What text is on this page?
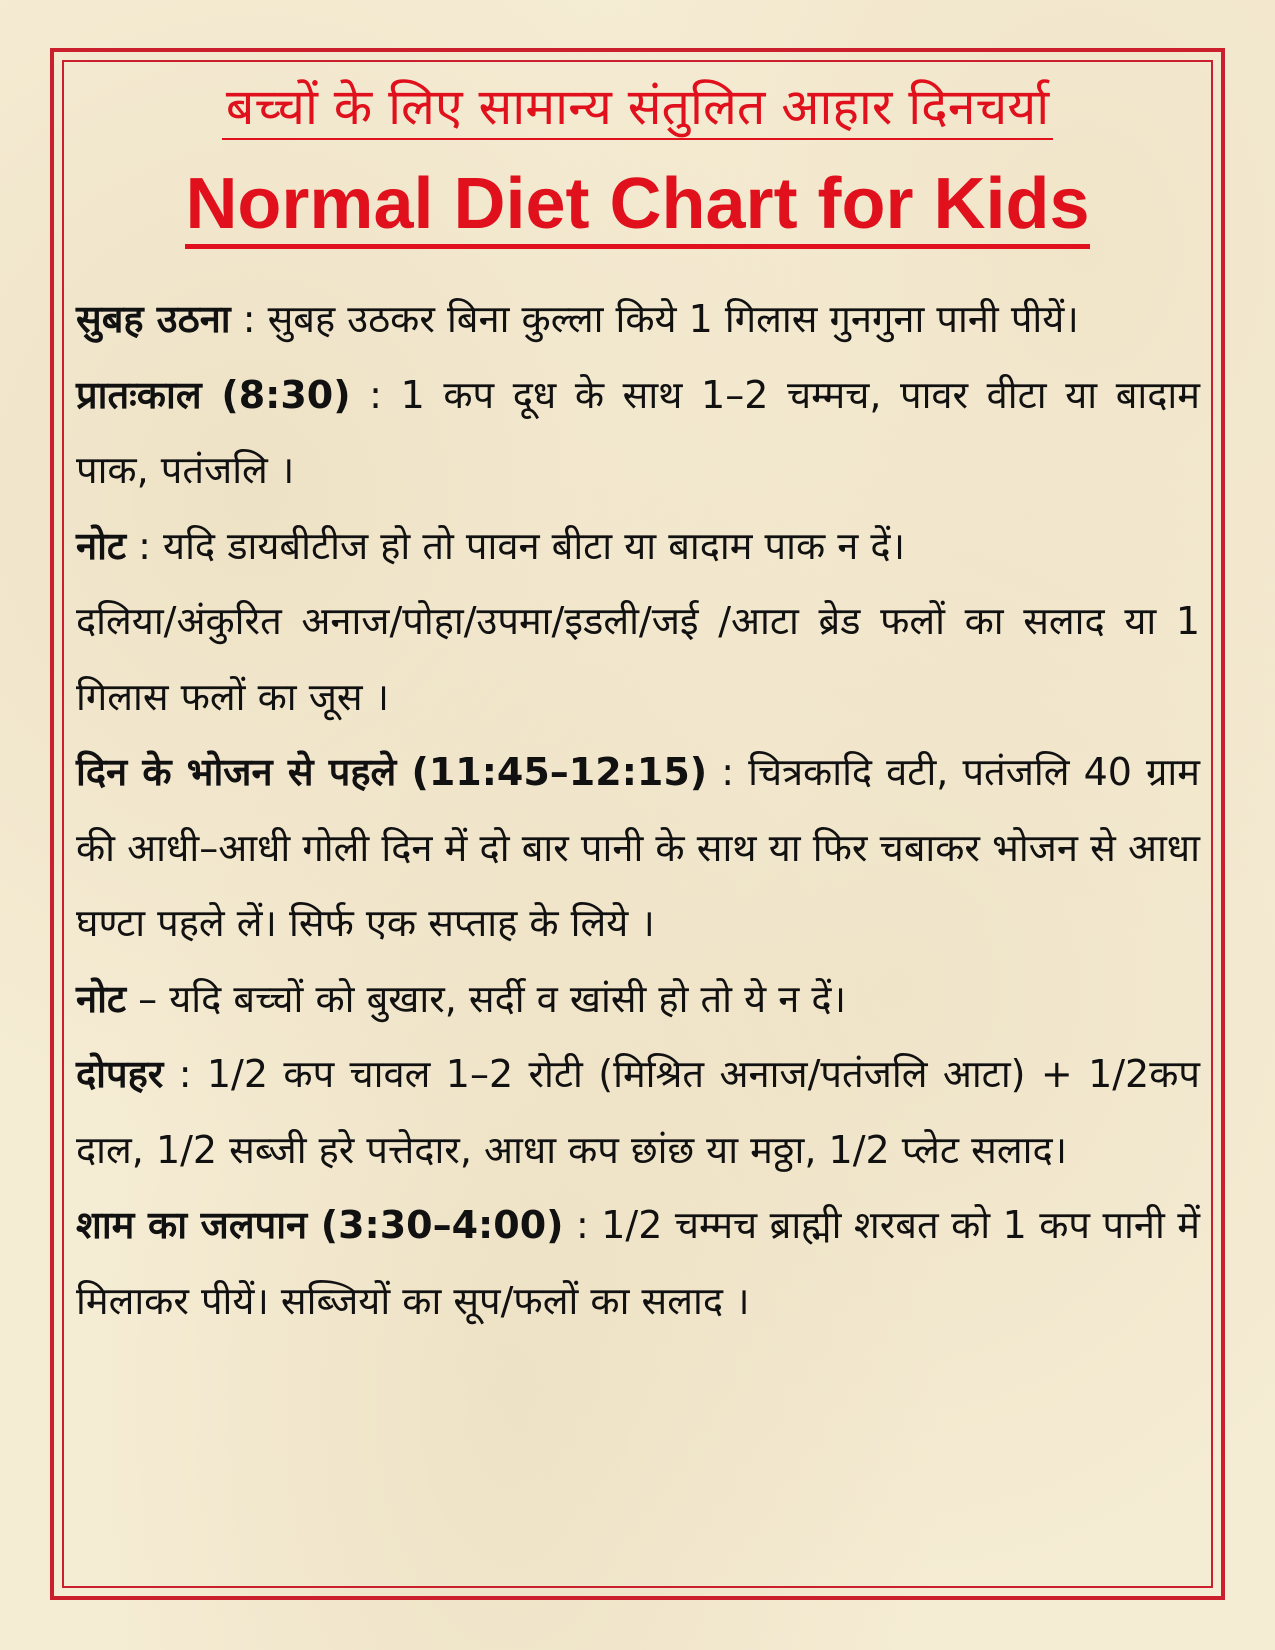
बच्चों के लिए सामान्य संतुलित आहार दिनचर्या
Normal Diet Chart for Kids

सुबह उठना : सुबह उठकर बिना कुल्ला किये 1 गिलास गुनगुना पानी पीयें।

प्रातःकाल (8:30) : 1 कप दूध के साथ 1–2 चम्मच, पावर वीटा या बादाम पाक, पतंजलि ।

नोट : यदि डायबीटीज हो तो पावन बीटा या बादाम पाक न दें।

दलिया/अंकुरित अनाज/पोहा/उपमा/इडली/जई /आटा ब्रेड फलों का सलाद या 1 गिलास फलों का जूस ।

दिन के भोजन से पहले (11:45–12:15) : चित्रकादि वटी, पतंजलि 40 ग्राम की आधी–आधी गोली दिन में दो बार पानी के साथ या फिर चबाकर भोजन से आधा घण्टा पहले लें। सिर्फ एक सप्ताह के लिये ।

नोट – यदि बच्चों को बुखार, सर्दी व खांसी हो तो ये न दें।

दोपहर : 1/2 कप चावल 1–2 रोटी (मिश्रित अनाज/पतंजलि आटा) + 1/2कप दाल, 1/2 सब्जी हरे पत्तेदार, आधा कप छांछ या मठ्ठा, 1/2 प्लेट सलाद।

शाम का जलपान (3:30–4:00) : 1/2 चम्मच ब्राह्मी शरबत को 1 कप पानी में मिलाकर पीयें। सब्जियों का सूप/फलों का सलाद ।
